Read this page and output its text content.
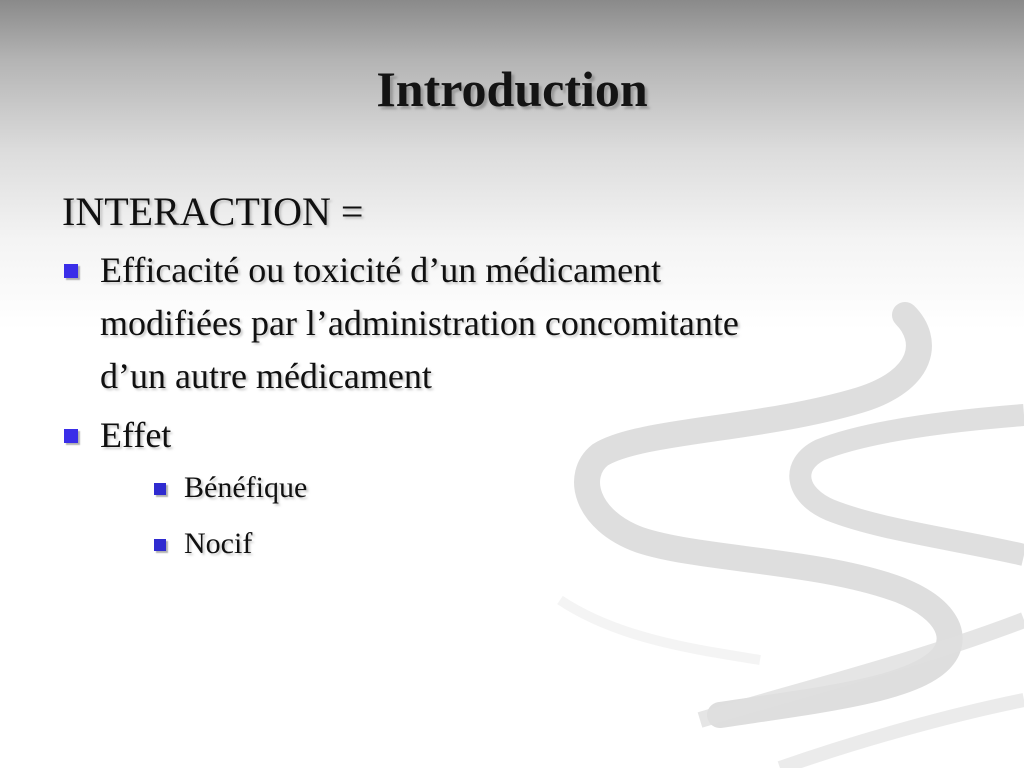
Introduction
INTERACTION =
Efficacité ou toxicité d’un médicament
modifiées par l’administration concomitante
d’un autre médicament
Effet
Bénéfique
Nocif
